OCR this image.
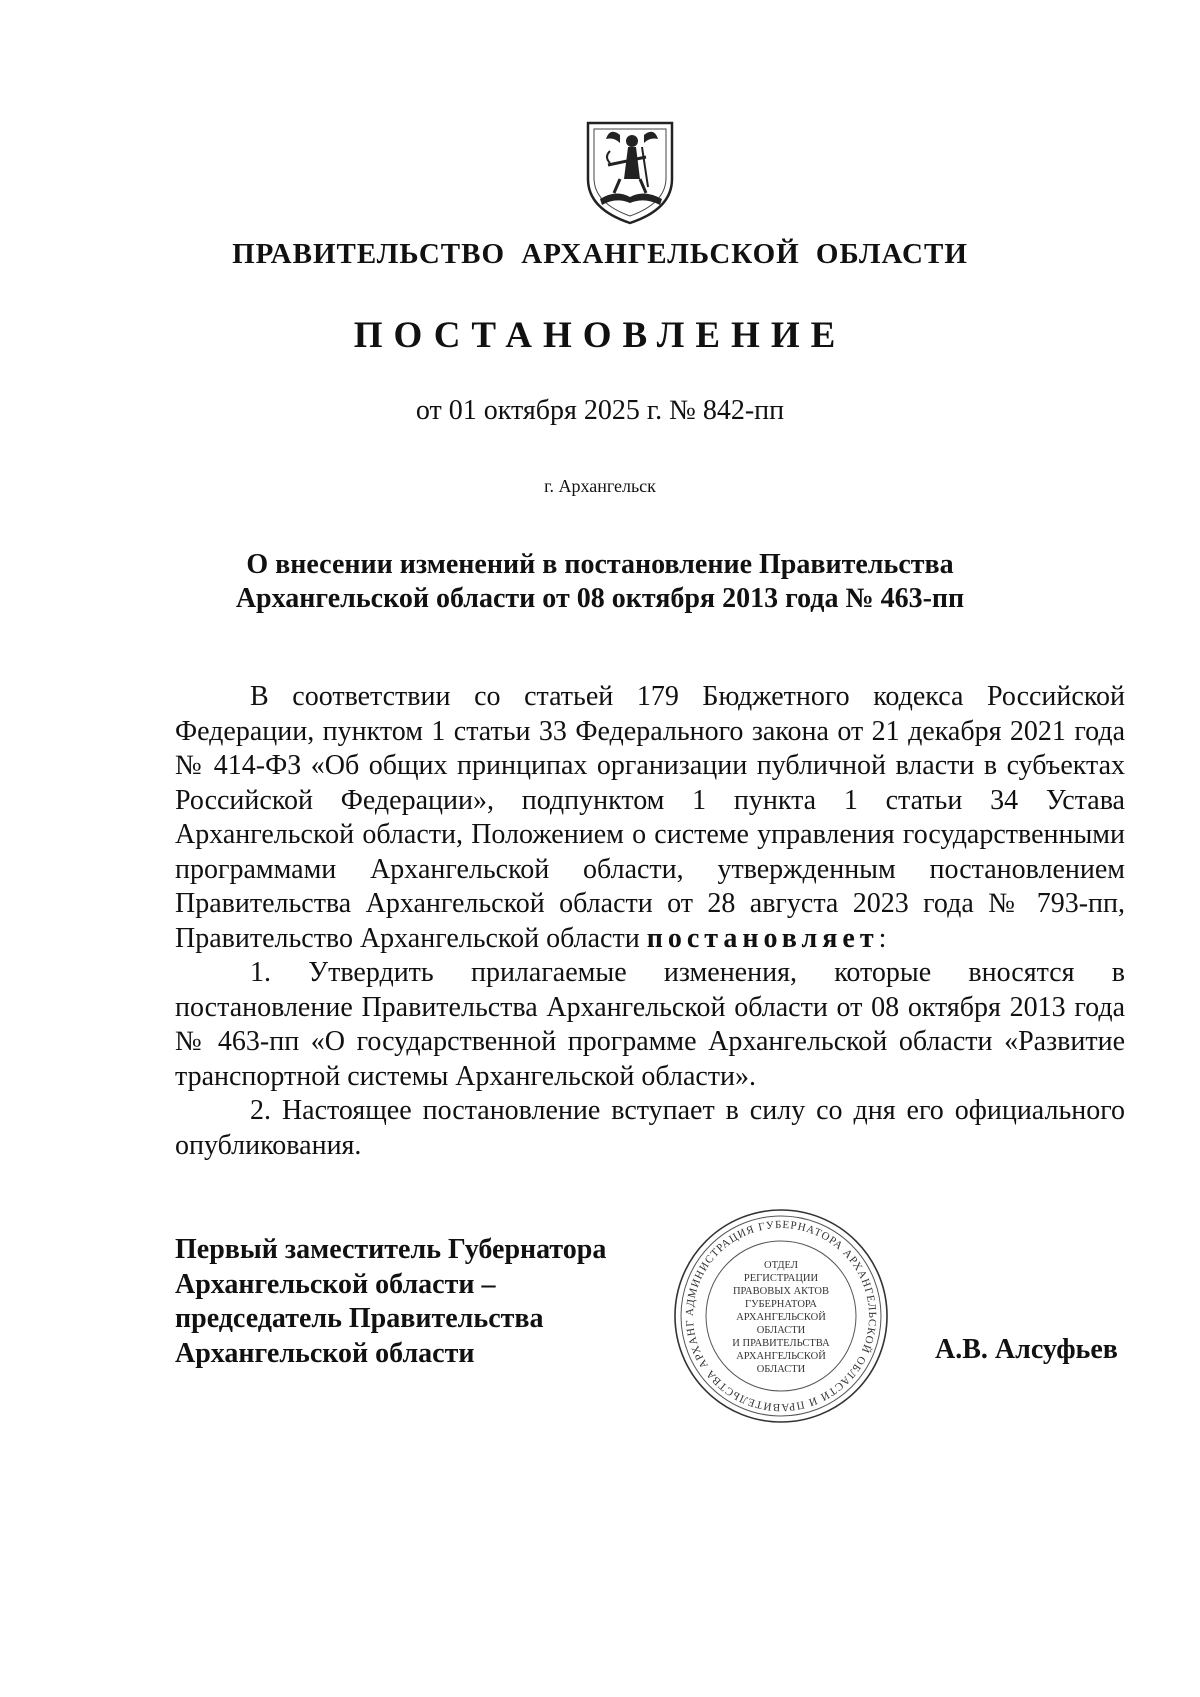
ПРАВИТЕЛЬСТВО АРХАНГЕЛЬСКОЙ ОБЛАСТИ
ПОСТАНОВЛЕНИЕ
от 01 октября 2025 г. № 842-пп
г. Архангельск
О внесении изменений в постановление Правительства
Архангельской области от 08 октября 2013 года № 463-пп

В соответствии со статьей 179 Бюджетного кодекса Российской Федерации, пунктом 1 статьи 33 Федерального закона от 21 декабря 2021 года № 414-ФЗ «Об общих принципах организации публичной власти в субъектах Российской Федерации», подпунктом 1 пункта 1 статьи 34 Устава Архангельской области, Положением о системе управления государственными программами Архангельской области, утвержденным постановлением Правительства Архангельской области от 28 августа 2023 года № 793-пп, Правительство Архангельской области постановляет:

1. Утвердить прилагаемые изменения, которые вносятся в постановление Правительства Архангельской области от 08 октября 2013 года № 463-пп «О государственной программе Архангельской области «Развитие транспортной системы Архангельской области».

2. Настоящее постановление вступает в силу со дня его официального опубликования.

Первый заместитель Губернатора
Архангельской области –
председатель Правительства
Архангельской области
АДМИНИСТРАЦИЯ ГУБЕРНАТОРА АРХАНГЕЛЬСКОЙ ОБЛАСТИ И ПРАВИТЕЛЬСТВА АРХАНГ
ОТДЕЛ
РЕГИСТРАЦИИ
ПРАВОВЫХ АКТОВ
ГУБЕРНАТОРА
АРХАНГЕЛЬСКОЙ
ОБЛАСТИ
И ПРАВИТЕЛЬСТВА
АРХАНГЕЛЬСКОЙ
ОБЛАСТИ
А.В. Алсуфьев
